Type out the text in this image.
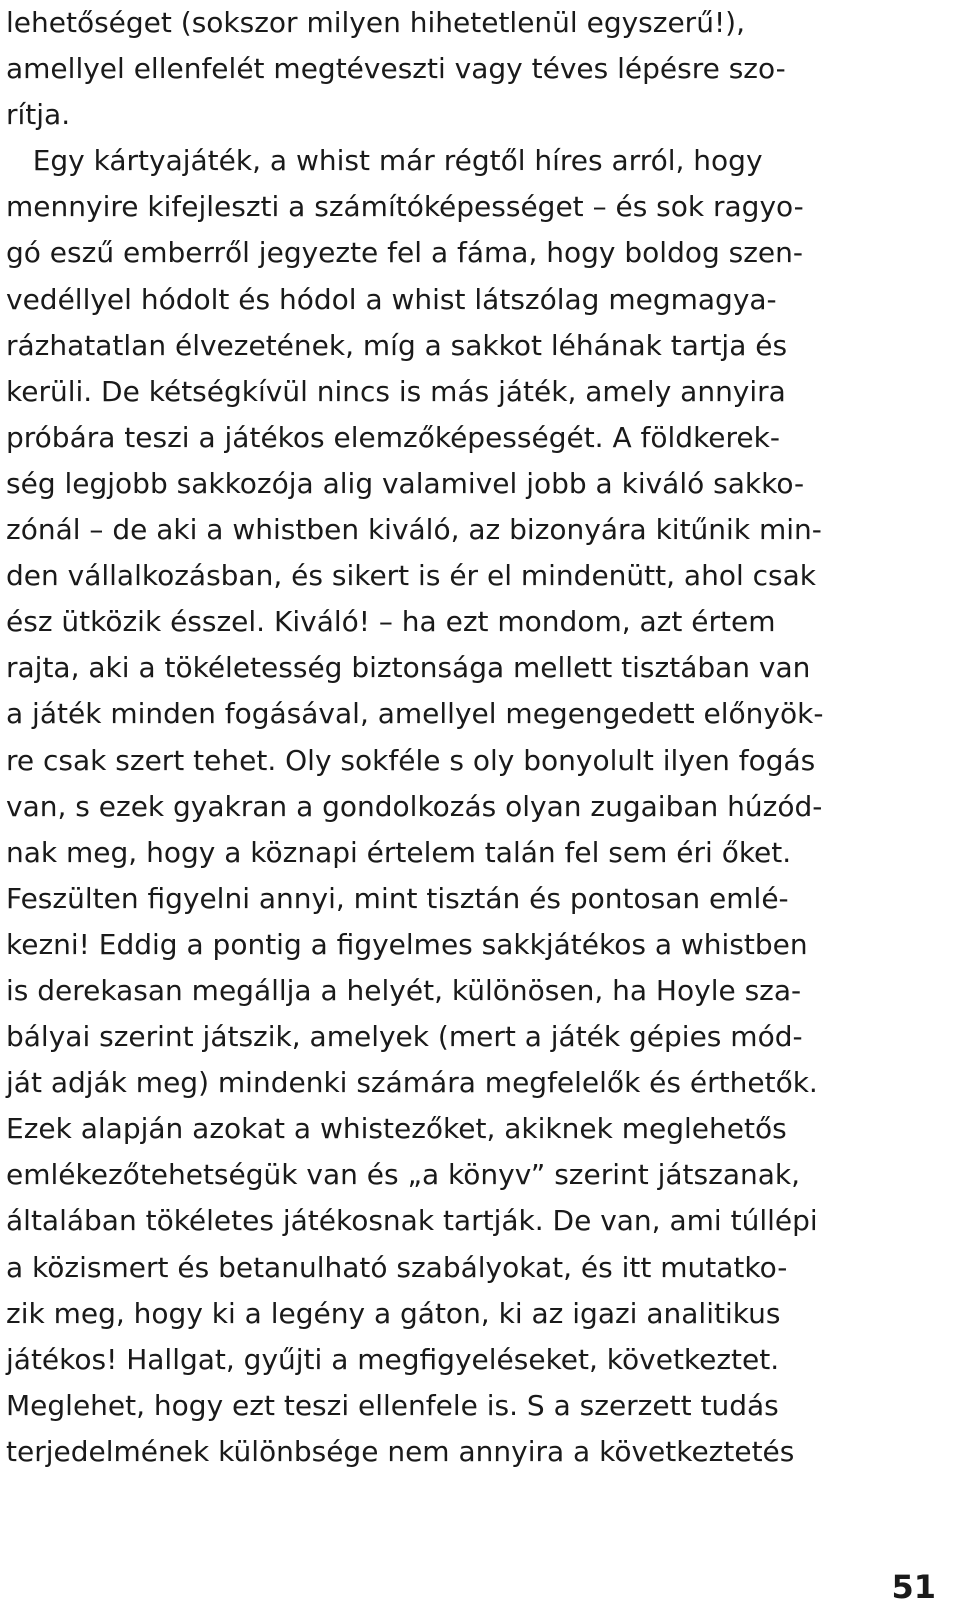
lehetőséget (sokszor milyen hihetetlenül egyszerű!),
amellyel ellenfelét megtéveszti vagy téves lépésre szo-
rítja.
Egy kártyajáték, a whist már régtől híres arról, hogy
mennyire kifejleszti a számítóképességet – és sok ragyo-
gó eszű emberről jegyezte fel a fáma, hogy boldog szen-
vedéllyel hódolt és hódol a whist látszólag megmagya-
rázhatatlan élvezetének, míg a sakkot léhának tartja és
kerüli. De kétségkívül nincs is más játék, amely annyira
próbára teszi a játékos elemzőképességét. A földkerek-
ség legjobb sakkozója alig valamivel jobb a kiváló sakko-
zónál – de aki a whistben kiváló, az bizonyára kitűnik min-
den vállalkozásban, és sikert is ér el mindenütt, ahol csak
ész ütközik ésszel. Kiváló! – ha ezt mondom, azt értem
rajta, aki a tökéletesség biztonsága mellett tisztában van
a játék minden fogásával, amellyel megengedett előnyök-
re csak szert tehet. Oly sokféle s oly bonyolult ilyen fogás
van, s ezek gyakran a gondolkozás olyan zugaiban húzód-
nak meg, hogy a köznapi értelem talán fel sem éri őket.
Feszülten figyelni annyi, mint tisztán és pontosan emlé-
kezni! Eddig a pontig a figyelmes sakkjátékos a whistben
is derekasan megállja a helyét, különösen, ha Hoyle sza-
bályai szerint játszik, amelyek (mert a játék gépies mód-
ját adják meg) mindenki számára megfelelők és érthetők.
Ezek alapján azokat a whistezőket, akiknek meglehetős
emlékezőtehetségük van és „a könyv” szerint játszanak,
általában tökéletes játékosnak tartják. De van, ami túllépi
a közismert és betanulható szabályokat, és itt mutatko-
zik meg, hogy ki a legény a gáton, ki az igazi analitikus
játékos! Hallgat, gyűjti a megfigyeléseket, következtet.
Meglehet, hogy ezt teszi ellenfele is. S a szerzett tudás
terjedelmének különbsége nem annyira a következtetés
51
